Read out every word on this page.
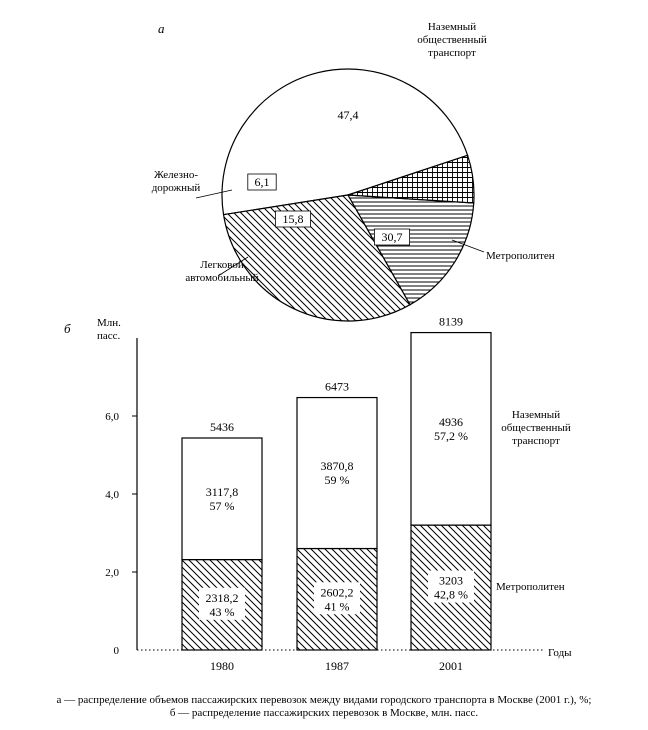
а
47,4
Наземный общественный транспорт
30,7
Метрополитен
15,8
Легковой автомобильный
6,1
Железно-дорожный
б
0
2,0
4,0
6,0
Млн. пасс.
Годы
2318,2
43 %
3117,8
57 %
5436
1980
2602,2
41 %
3870,8
59 %
6473
1987
3203
42,8 %
4936
57,2 %
8139
2001
Наземный общественный транспорт
Метрополитен
а — распределение объемов пассажирских перевозок между видами городского транспорта в Москве (2001 г.), %;
б — распределение пассажирских перевозок в Москве, млн. пасс.
